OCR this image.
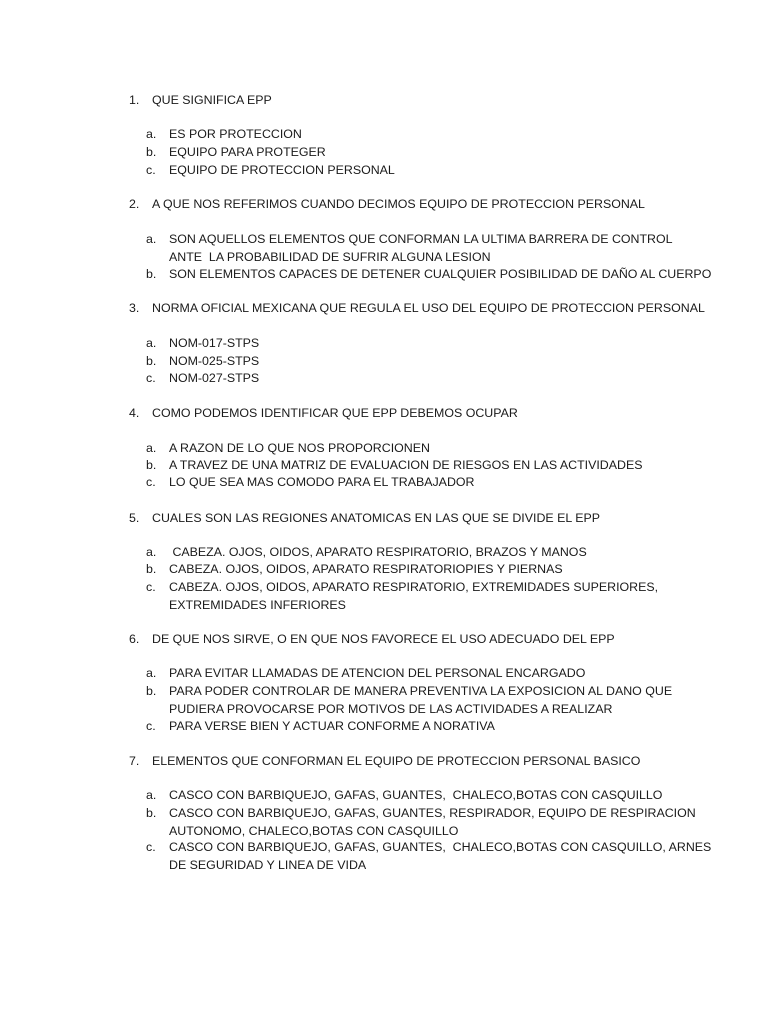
1. QUE SIGNIFICA EPP
a. ES POR PROTECCION
b. EQUIPO PARA PROTEGER
c. EQUIPO DE PROTECCION PERSONAL
2. A QUE NOS REFERIMOS CUANDO DECIMOS EQUIPO DE PROTECCION PERSONAL
a. SON AQUELLOS ELEMENTOS QUE CONFORMAN LA ULTIMA BARRERA DE CONTROL
ANTE  LA PROBABILIDAD DE SUFRIR ALGUNA LESION
b. SON ELEMENTOS CAPACES DE DETENER CUALQUIER POSIBILIDAD DE DAÑO AL CUERPO
3. NORMA OFICIAL MEXICANA QUE REGULA EL USO DEL EQUIPO DE PROTECCION PERSONAL
a. NOM-017-STPS
b. NOM-025-STPS
c. NOM-027-STPS
4. COMO PODEMOS IDENTIFICAR QUE EPP DEBEMOS OCUPAR
a. A RAZON DE LO QUE NOS PROPORCIONEN
b. A TRAVEZ DE UNA MATRIZ DE EVALUACION DE RIESGOS EN LAS ACTIVIDADES
c. LO QUE SEA MAS COMODO PARA EL TRABAJADOR
5. CUALES SON LAS REGIONES ANATOMICAS EN LAS QUE SE DIVIDE EL EPP
a. CABEZA. OJOS, OIDOS, APARATO RESPIRATORIO, BRAZOS Y MANOS
b. CABEZA. OJOS, OIDOS, APARATO RESPIRATORIOPIES Y PIERNAS
c. CABEZA. OJOS, OIDOS, APARATO RESPIRATORIO, EXTREMIDADES SUPERIORES,
EXTREMIDADES INFERIORES
6. DE QUE NOS SIRVE, O EN QUE NOS FAVORECE EL USO ADECUADO DEL EPP
a. PARA EVITAR LLAMADAS DE ATENCION DEL PERSONAL ENCARGADO
b. PARA PODER CONTROLAR DE MANERA PREVENTIVA LA EXPOSICION AL DANO QUE
PUDIERA PROVOCARSE POR MOTIVOS DE LAS ACTIVIDADES A REALIZAR
c. PARA VERSE BIEN Y ACTUAR CONFORME A NORATIVA
7. ELEMENTOS QUE CONFORMAN EL EQUIPO DE PROTECCION PERSONAL BASICO
a. CASCO CON BARBIQUEJO, GAFAS, GUANTES,  CHALECO,BOTAS CON CASQUILLO
b. CASCO CON BARBIQUEJO, GAFAS, GUANTES, RESPIRADOR, EQUIPO DE RESPIRACION
AUTONOMO, CHALECO,BOTAS CON CASQUILLO
c. CASCO CON BARBIQUEJO, GAFAS, GUANTES,  CHALECO,BOTAS CON CASQUILLO, ARNES
DE SEGURIDAD Y LINEA DE VIDA
